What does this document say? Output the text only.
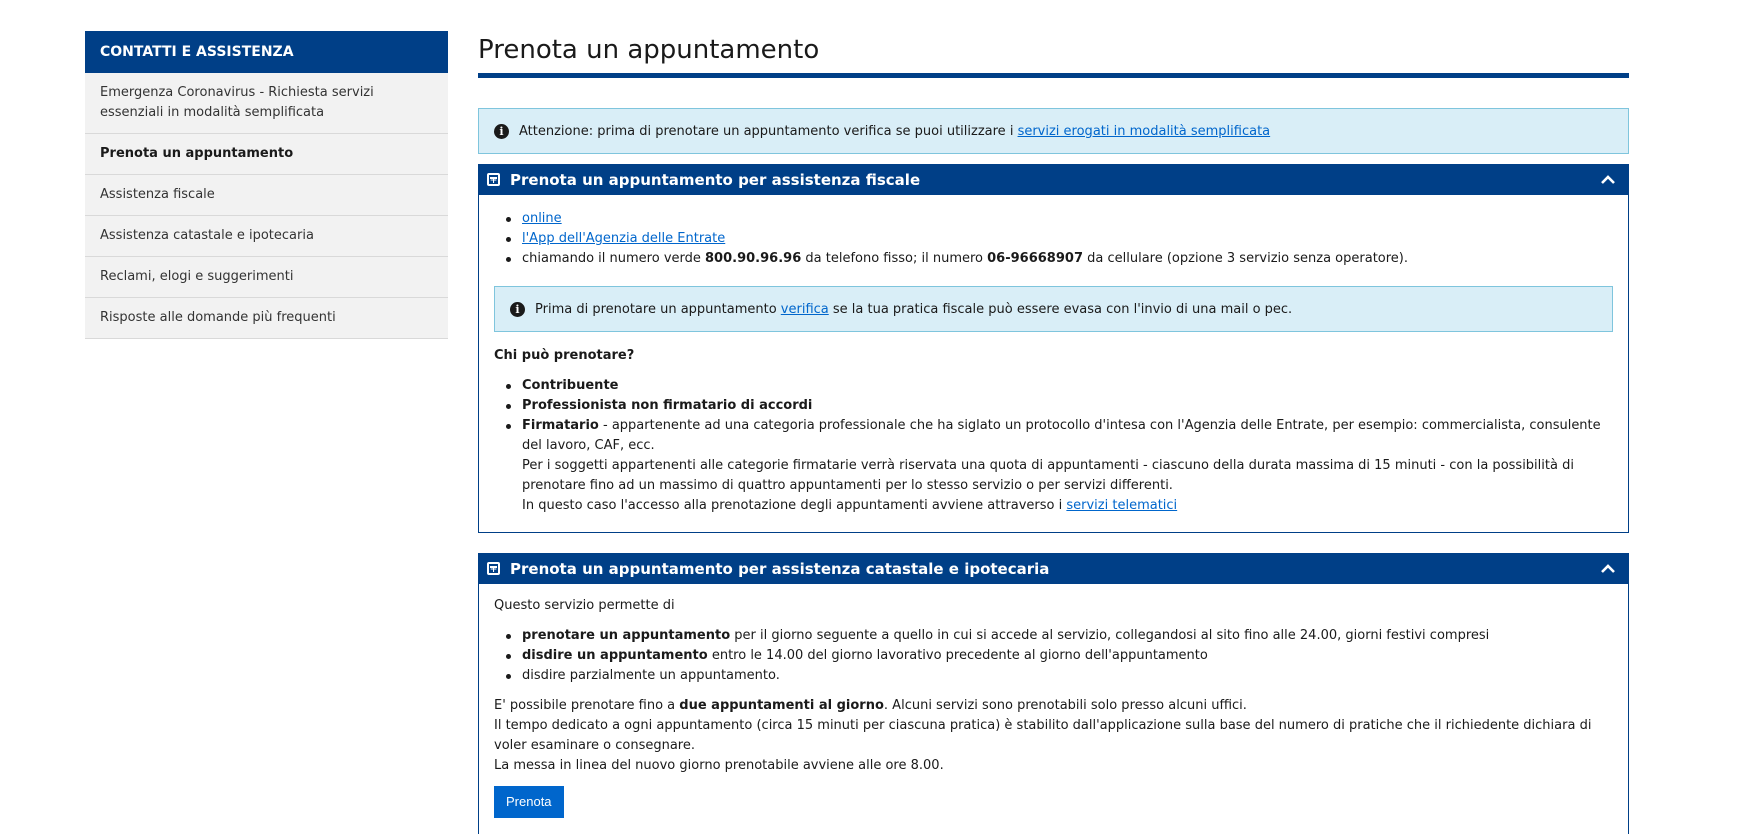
CONTATTI E ASSISTENZA
Emergenza Coronavirus - Richiesta servizi essenziali in modalità semplificata
Prenota un appuntamento
Assistenza fiscale
Assistenza catastale e ipotecaria
Reclami, elogi e suggerimenti
Risposte alle domande più frequenti
Prenota un appuntamento
i	Attenzione: prima di prenotare un appuntamento verifica se puoi utilizzare i servizi erogati in modalità semplificata
+
Prenota un appuntamento per assistenza fiscale
online
l'App dell'Agenzia delle Entrate
chiamando il numero verde 800.90.96.96 da telefono fisso; il numero 06-96668907 da cellulare (opzione 3 servizio senza operatore).
i	Prima di prenotare un appuntamento verifica se la tua pratica fiscale può essere evasa con l'invio di una mail o pec.
Chi può prenotare?
Contribuente
Professionista non firmatario di accordi
Firmatario - appartenente ad una categoria professionale che ha siglato un protocollo d'intesa con l'Agenzia delle Entrate, per esempio: commercialista, consulente del lavoro, CAF, ecc.
Per i soggetti appartenenti alle categorie firmatarie verrà riservata una quota di appuntamenti - ciascuno della durata massima di 15 minuti - con la possibilità di prenotare fino ad un massimo di quattro appuntamenti per lo stesso servizio o per servizi differenti.
In questo caso l'accesso alla prenotazione degli appuntamenti avviene attraverso i servizi telematici
+
Prenota un appuntamento per assistenza catastale e ipotecaria
Questo servizio permette di
prenotare un appuntamento per il giorno seguente a quello in cui si accede al servizio, collegandosi al sito fino alle 24.00, giorni festivi compresi
disdire un appuntamento entro le 14.00 del giorno lavorativo precedente al giorno dell'appuntamento
disdire parzialmente un appuntamento.
E' possibile prenotare fino a due appuntamenti al giorno. Alcuni servizi sono prenotabili solo presso alcuni uffici.
Il tempo dedicato a ogni appuntamento (circa 15 minuti per ciascuna pratica) è stabilito dall'applicazione sulla base del numero di pratiche che il richiedente dichiara di voler esaminare o consegnare.
La messa in linea del nuovo giorno prenotabile avviene alle ore 8.00.
Prenota
